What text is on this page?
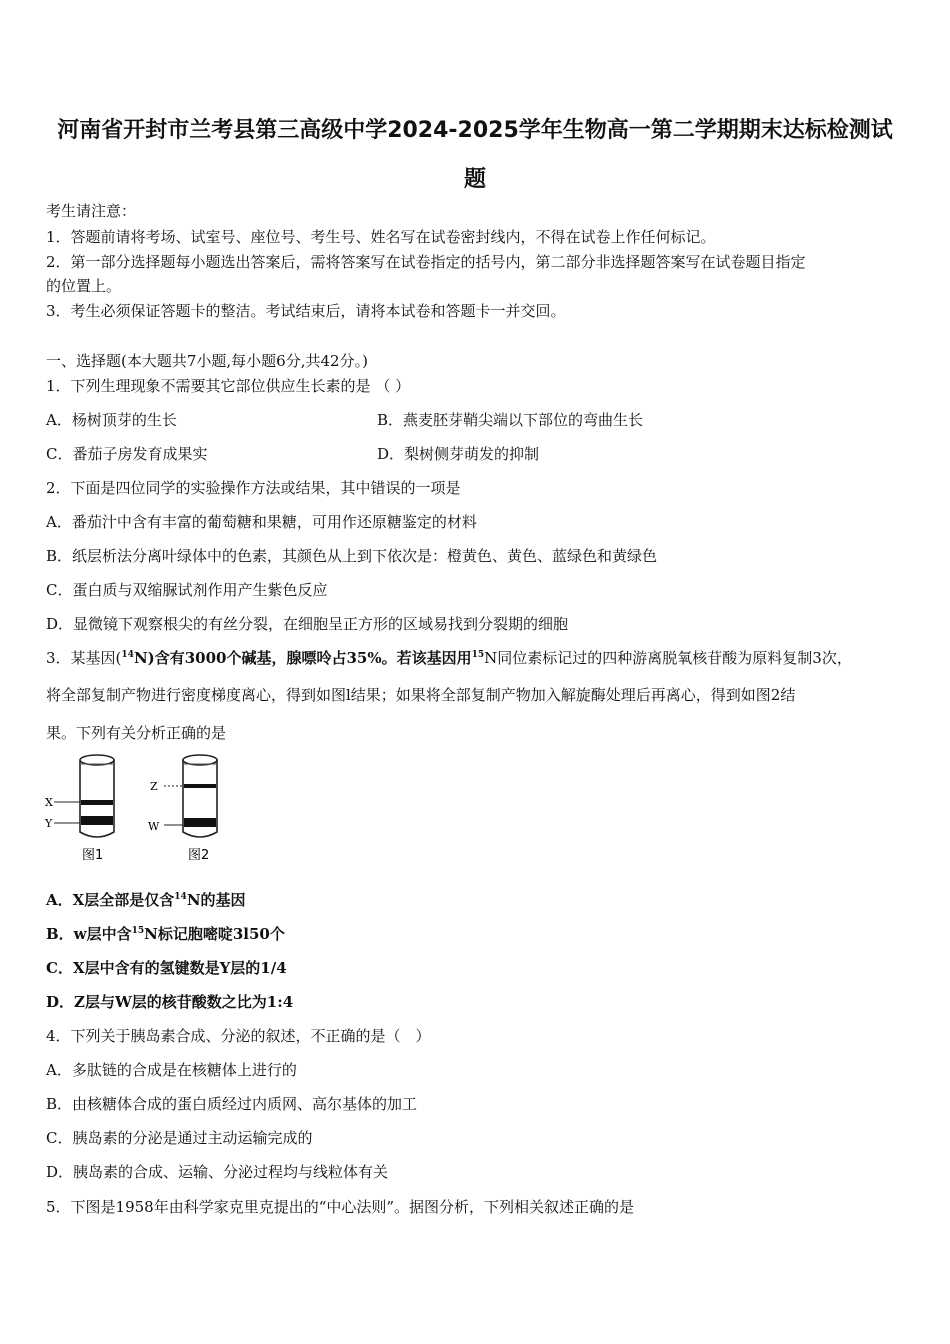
河南省开封市兰考县第三高级中学2024-2025学年生物高一第二学期期末达标检测试
题
考生请注意：
1．答题前请将考场、试室号、座位号、考生号、姓名写在试卷密封线内，不得在试卷上作任何标记。
2．第一部分选择题每小题选出答案后，需将答案写在试卷指定的括号内，第二部分非选择题答案写在试卷题目指定
的位置上。
3．考生必须保证答题卡的整洁。考试结束后，请将本试卷和答题卡一并交回。
一、选择题(本大题共7小题,每小题6分,共42分。)
1．下列生理现象不需要其它部位供应生长素的是 （ ）
A．杨树顶芽的生长	B．燕麦胚芽鞘尖端以下部位的弯曲生长
C．番茄子房发育成果实	D．梨树侧芽萌发的抑制
2．下面是四位同学的实验操作方法或结果，其中错误的一项是
A．番茄汁中含有丰富的葡萄糖和果糖，可用作还原糖鉴定的材料
B．纸层析法分离叶绿体中的色素，其颜色从上到下依次是：橙黄色、黄色、蓝绿色和黄绿色
C．蛋白质与双缩脲试剂作用产生紫色反应
D．显微镜下观察根尖的有丝分裂，在细胞呈正方形的区域易找到分裂期的细胞
3．某基因($^{14}$N)含有3000个碱基，腺嘌呤占35%。若该基因用$^{15}$N同位素标记过的四种游离脱氧核苷酸为原料复制3次，
将全部复制产物进行密度梯度离心，得到如图l结果；如果将全部复制产物加入解旋酶处理后再离心，得到如图2结
果。下列有关分析正确的是
X
Y
Z
W
图1	图2
A．X层全部是仅含$^{14}$N的基因
B．w层中含$^{15}$N标记胞嘧啶3l50个
C．X层中含有的氢键数是Y层的1/4
D．Z层与W层的核苷酸数之比为1:4
4．下列关于胰岛素合成、分泌的叙述，不正确的是（　）
A．多肽链的合成是在核糖体上进行的
B．由核糖体合成的蛋白质经过内质网、高尔基体的加工
C．胰岛素的分泌是通过主动运输完成的
D．胰岛素的合成、运输、分泌过程均与线粒体有关
5．下图是1958年由科学家克里克提出的“中心法则”。据图分析，下列相关叙述正确的是
